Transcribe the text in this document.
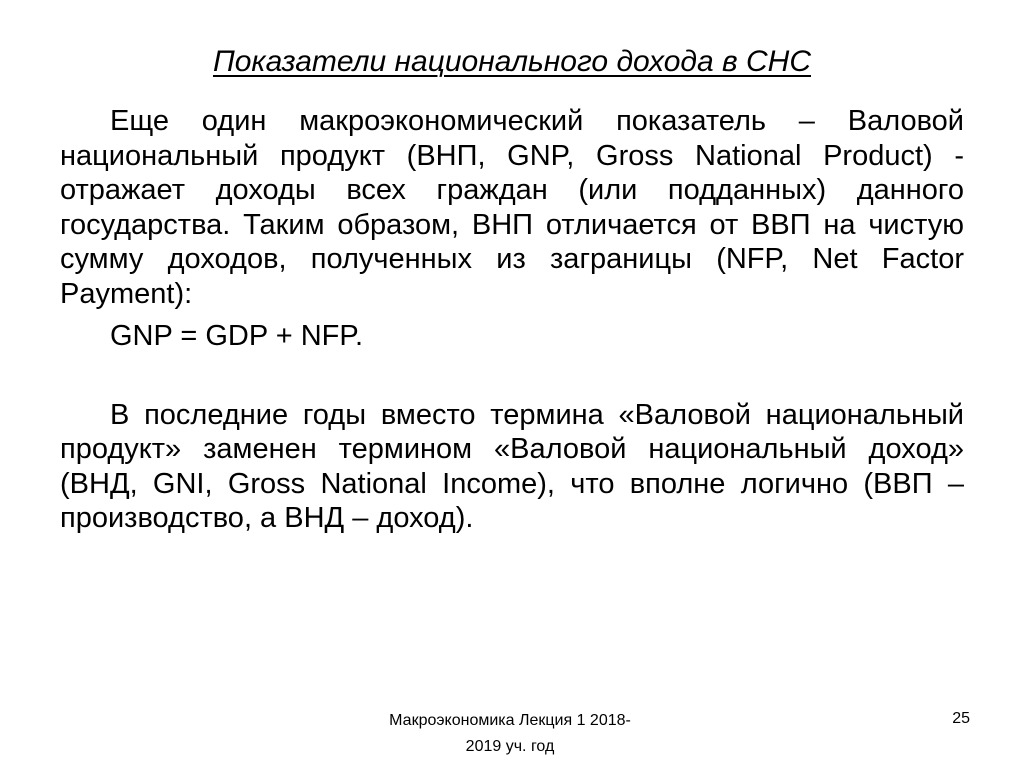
Показатели национального дохода в СНС

Еще один макроэкономический показатель – Валовой национальный продукт (ВНП, GNP, Gross National Product) - отражает доходы всех граждан (или подданных) данного государства. Таким образом, ВНП отличается от ВВП на чистую сумму доходов, полученных из заграницы (NFP, Net Factor Payment):

GNP = GDP + NFP.

В последние годы вместо термина «Валовой национальный продукт» заменен термином «Валовой национальный доход» (ВНД, GNI, Gross National Income), что вполне логично (ВВП – производство, а ВНД – доход).

Макроэкономика Лекция 1 2018-
2019 уч. год
25
